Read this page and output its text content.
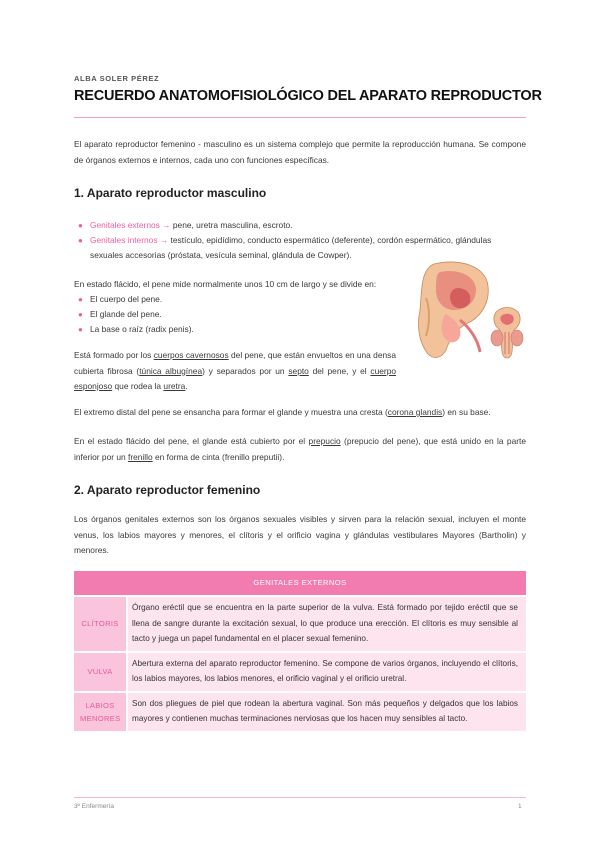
ALBA SOLER PÉREZ
RECUERDO ANATOMOFISIOLÓGICO DEL APARATO REPRODUCTOR
El aparato reproductor femenino - masculino es un sistema complejo que permite la reproducción humana. Se compone de órganos externos e internos, cada uno con funciones específicas.
1. Aparato reproductor masculino
● Genitales externos → pene, uretra masculina, escroto.
● Genitales internos → testículo, epidídimo, conducto espermático (deferente), cordón espermático, glándulas sexuales accesorias (próstata, vesícula seminal, glándula de Cowper).
En estado flácido, el pene mide normalmente unos 10 cm de largo y se divide en:
● El cuerpo del pene.
● El glande del pene.
● La base o raíz (radix penis).
Está formado por los cuerpos cavernosos del pene, que están envueltos en una densa cubierta fibrosa (túnica albugínea) y separados por un septo del pene, y el cuerpo esponjoso que rodea la uretra.
El extremo distal del pene se ensancha para formar el glande y muestra una cresta (corona glandis) en su base.
En el estado flácido del pene, el glande está cubierto por el prepucio (prepucio del pene), que está unido en la parte inferior por un frenillo en forma de cinta (frenillo preputii).
2. Aparato reproductor femenino
Los órganos genitales externos son los órganos sexuales visibles y sirven para la relación sexual, incluyen el monte venus, los labios mayores y menores, el clítoris y el orificio vagina y glándulas vestibulares Mayores (Bartholin) y menores.
GENITALES EXTERNOS
CLÍTORIS
Órgano eréctil que se encuentra en la parte superior de la vulva. Está formado por tejido eréctil que se llena de sangre durante la excitación sexual, lo que produce una erección. El clítoris es muy sensible al tacto y juega un papel fundamental en el placer sexual femenino.
VULVA
Abertura externa del aparato reproductor femenino. Se compone de varios órganos, incluyendo el clítoris, los labios mayores, los labios menores, el orificio vaginal y el orificio uretral.
LABIOS MENORES
Son dos pliegues de piel que rodean la abertura vaginal. Son más pequeños y delgados que los labios mayores y contienen muchas terminaciones nerviosas que los hacen muy sensibles al tacto.
3º Enfermería	1
